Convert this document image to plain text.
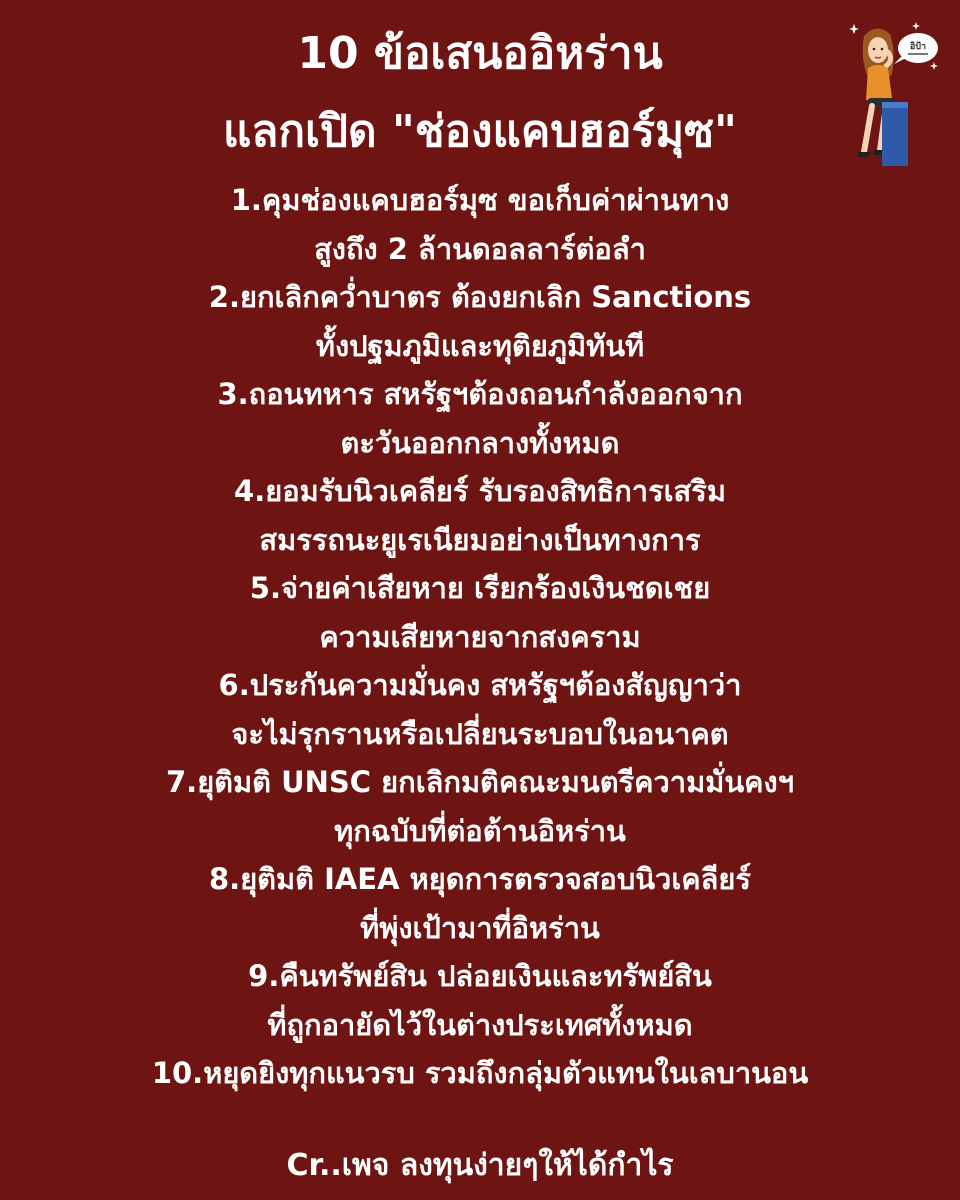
10 ข้อเสนออิหร่าน
แลกเปิด "ช่องแคบฮอร์มุซ"
1.คุมช่องแคบฮอร์มุซ ขอเก็บค่าผ่านทาง
สูงถึง 2 ล้านดอลลาร์ต่อลำ
2.ยกเลิกคว่ำบาตร ต้องยกเลิก Sanctions
ทั้งปฐมภูมิและทุติยภูมิทันที
3.ถอนทหาร สหรัฐฯต้องถอนกำลังออกจาก
ตะวันออกกลางทั้งหมด
4.ยอมรับนิวเคลียร์ รับรองสิทธิการเสริม
สมรรถนะยูเรเนียมอย่างเป็นทางการ
5.จ่ายค่าเสียหาย เรียกร้องเงินชดเชย
ความเสียหายจากสงคราม
6.ประกันความมั่นคง สหรัฐฯต้องสัญญาว่า
จะไม่รุกรานหรือเปลี่ยนระบอบในอนาคต
7.ยุติมติ UNSC ยกเลิกมติคณะมนตรีความมั่นคงฯ
ทุกฉบับที่ต่อต้านอิหร่าน
8.ยุติมติ IAEA หยุดการตรวจสอบนิวเคลียร์
ที่พุ่งเป้ามาที่อิหร่าน
9.คืนทรัพย์สิน ปล่อยเงินและทรัพย์สิน
ที่ถูกอายัดไว้ในต่างประเทศทั้งหมด
10.หยุดยิงทุกแนวรบ รวมถึงกลุ่มตัวแทนในเลบานอน
Cr..เพจ ลงทุนง่ายๆให้ได้กำไร
อิป้า
